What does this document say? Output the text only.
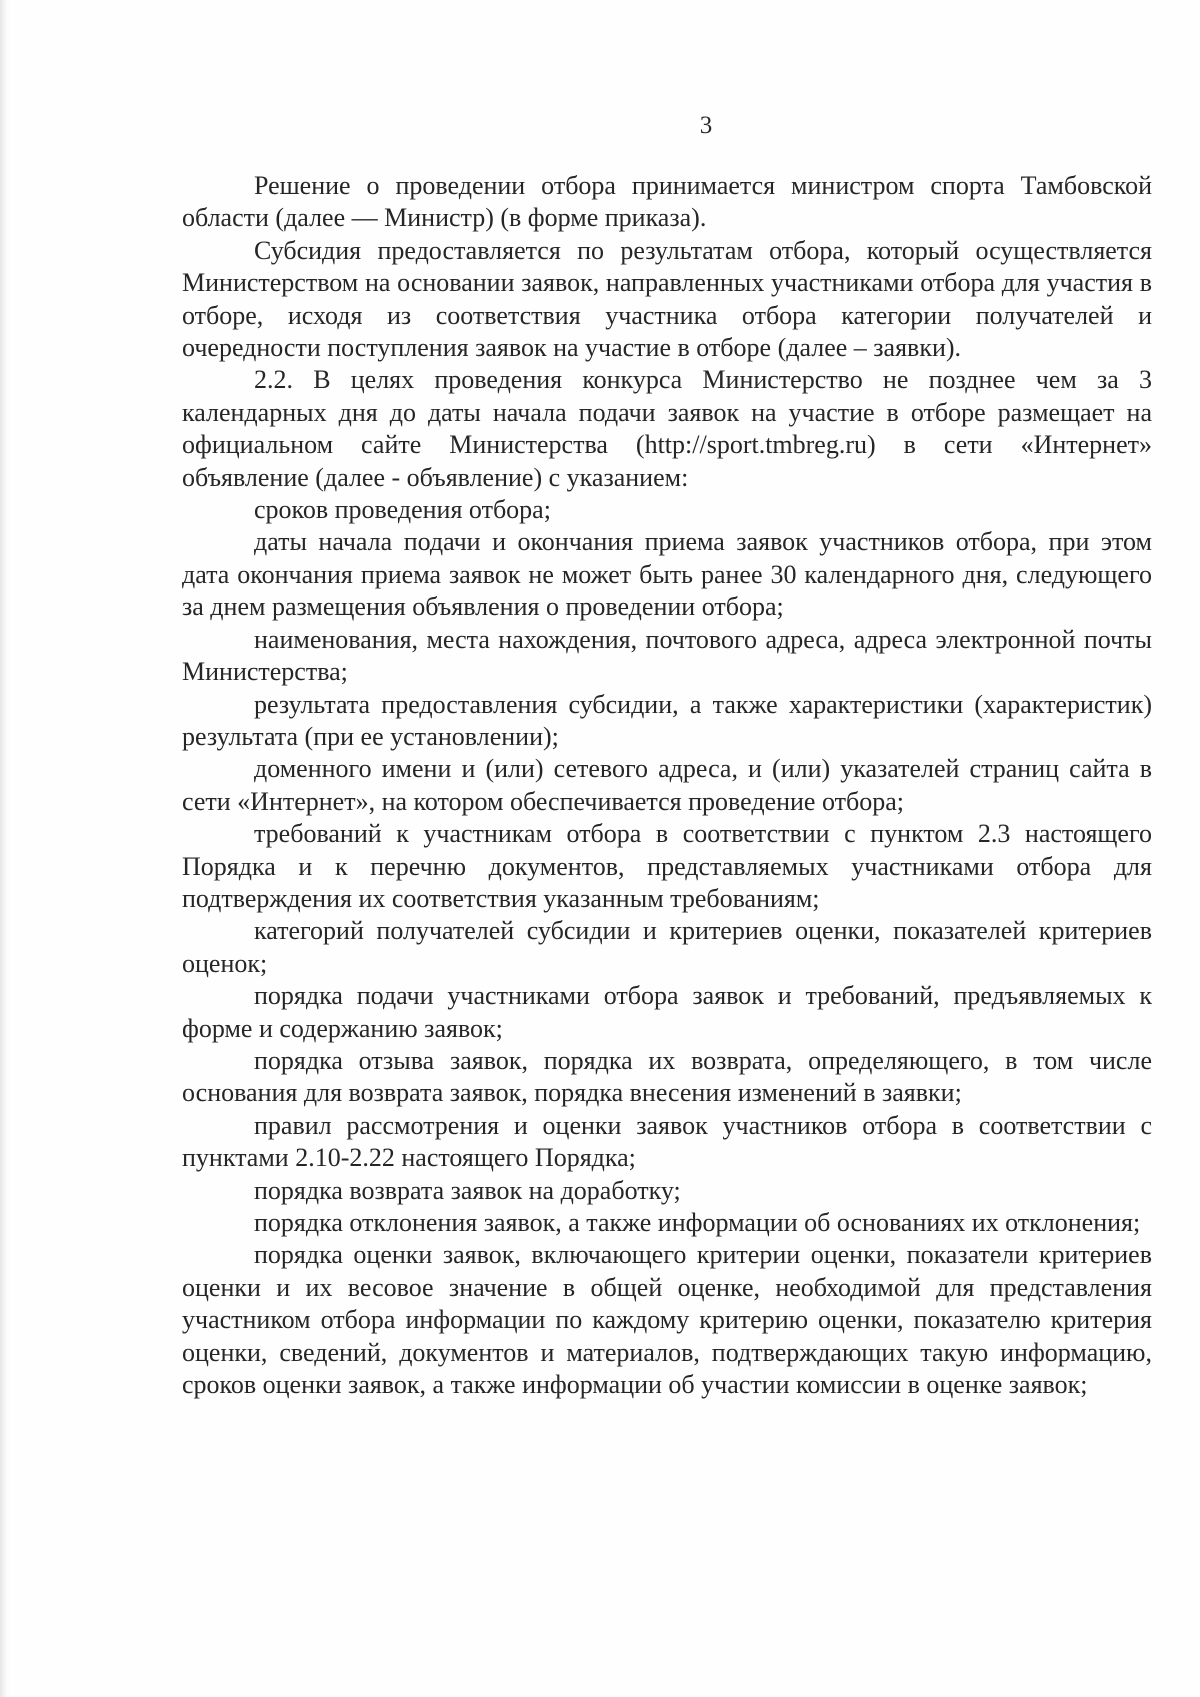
3

Решение о проведении отбора принимается министром спорта Тамбовской области (далее — Министр) (в форме приказа).

Субсидия предоставляется по результатам отбора, который осуществляется Министерством на основании заявок, направленных участниками отбора для участия в отборе, исходя из соответствия участника отбора категории получателей и очередности поступления заявок на участие в отборе (далее – заявки).

2.2. В целях проведения конкурса Министерство не позднее чем за 3 календарных дня до даты начала подачи заявок на участие в отборе размещает на официальном сайте Министерства (http://sport.tmbreg.ru) в сети «Интернет» объявление (далее - объявление) с указанием:

сроков проведения отбора;

даты начала подачи и окончания приема заявок участников отбора, при этом дата окончания приема заявок не может быть ранее 30 календарного дня, следующего за днем размещения объявления о проведении отбора;

наименования, места нахождения, почтового адреса, адреса электронной почты Министерства;

результата предоставления субсидии, а также характеристики (характеристик) результата (при ее установлении);

доменного имени и (или) сетевого адреса, и (или) указателей страниц сайта в сети «Интернет», на котором обеспечивается проведение отбора;

требований к участникам отбора в соответствии с пунктом 2.3 настоящего Порядка и к перечню документов, представляемых участниками отбора для подтверждения их соответствия указанным требованиям;

категорий получателей субсидии и критериев оценки, показателей критериев оценок;

порядка подачи участниками отбора заявок и требований, предъявляемых к форме и содержанию заявок;

порядка отзыва заявок, порядка их возврата, определяющего, в том числе основания для возврата заявок, порядка внесения изменений в заявки;

правил рассмотрения и оценки заявок участников отбора в соответствии с пунктами 2.10-2.22 настоящего Порядка;

порядка возврата заявок на доработку;

порядка отклонения заявок, а также информации об основаниях их отклонения;

порядка оценки заявок, включающего критерии оценки, показатели критериев оценки и их весовое значение в общей оценке, необходимой для представления участником отбора информации по каждому критерию оценки, показателю критерия оценки, сведений, документов и материалов, подтверждающих такую информацию, сроков оценки заявок, а также информации об участии комиссии в оценке заявок;
